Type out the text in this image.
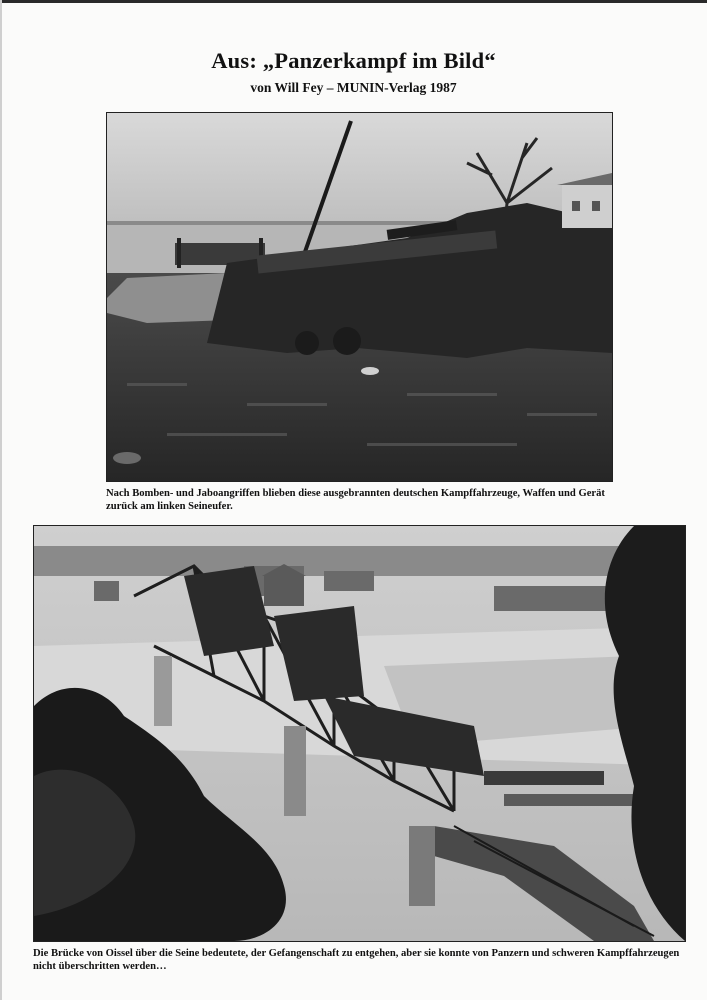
Aus: „Panzerkampf im Bild“
von Will Fey – MUNIN-Verlag 1987
Nach Bomben- und Jaboangriffen blieben diese ausgebrannten deutschen Kampffahrzeuge, Waffen und Gerät zurück am linken Seineufer.
Die Brücke von Oissel über die Seine bedeutete, der Gefangenschaft zu entgehen, aber sie konnte von Panzern und schweren Kampffahrzeugen nicht überschritten werden…
